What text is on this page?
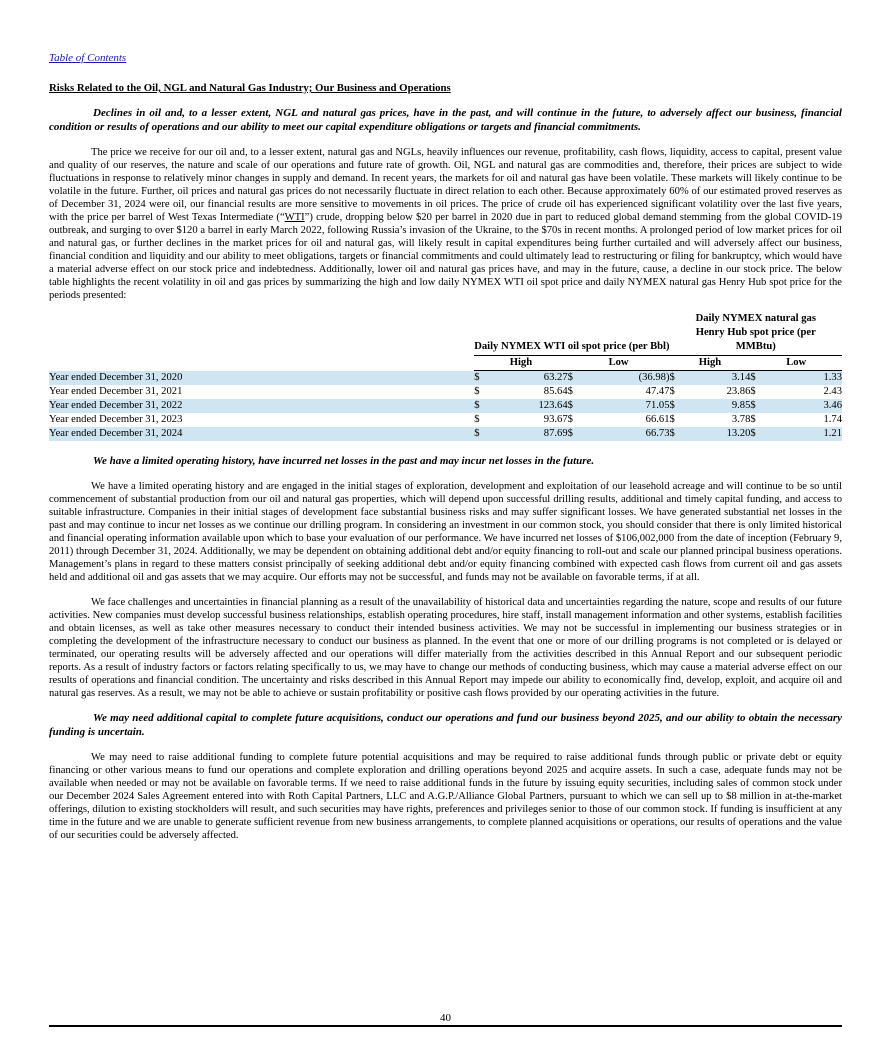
Table of Contents
Risks Related to the Oil, NGL and Natural Gas Industry; Our Business and Operations
Declines in oil and, to a lesser extent, NGL and natural gas prices, have in the past, and will continue in the future, to adversely affect our business, financial condition or results of operations and our ability to meet our capital expenditure obligations or targets and financial commitments.
The price we receive for our oil and, to a lesser extent, natural gas and NGLs, heavily influences our revenue, profitability, cash flows, liquidity, access to capital, present value and quality of our reserves, the nature and scale of our operations and future rate of growth. Oil, NGL and natural gas are commodities and, therefore, their prices are subject to wide fluctuations in response to relatively minor changes in supply and demand. In recent years, the markets for oil and natural gas have been volatile. These markets will likely continue to be volatile in the future. Further, oil prices and natural gas prices do not necessarily fluctuate in direct relation to each other. Because approximately 60% of our estimated proved reserves as of December 31, 2024 were oil, our financial results are more sensitive to movements in oil prices. The price of crude oil has experienced significant volatility over the last five years, with the price per barrel of West Texas Intermediate (“WTI”) crude, dropping below $20 per barrel in 2020 due in part to reduced global demand stemming from the global COVID-19 outbreak, and surging to over $120 a barrel in early March 2022, following Russia’s invasion of the Ukraine, to the $70s in recent months. A prolonged period of low market prices for oil and natural gas, or further declines in the market prices for oil and natural gas, will likely result in capital expenditures being further curtailed and will adversely affect our business, financial condition and liquidity and our ability to meet obligations, targets or financial commitments and could ultimately lead to restructuring or filing for bankruptcy, which would have a material adverse effect on our stock price and indebtedness. Additionally, lower oil and natural gas prices have, and may in the future, cause, a decline in our stock price. The below table highlights the recent volatility in oil and gas prices by summarizing the high and low daily NYMEX WTI oil spot price and daily NYMEX natural gas Henry Hub spot price for the periods presented:
	Daily NYMEX WTI oil spot price (per Bbl)				Daily NYMEX natural gas Henry Hub spot price (per MMBtu)			
	High		Low		High		Low	
Year ended December 31, 2020	$	63.27	$	(36.98)	$	3.14	$	1.33
Year ended December 31, 2021	$	85.64	$	47.47	$	23.86	$	2.43
Year ended December 31, 2022	$	123.64	$	71.05	$	9.85	$	3.46
Year ended December 31, 2023	$	93.67	$	66.61	$	3.78	$	1.74
Year ended December 31, 2024	$	87.69	$	66.73	$	13.20	$	1.21
We have a limited operating history, have incurred net losses in the past and may incur net losses in the future.
We have a limited operating history and are engaged in the initial stages of exploration, development and exploitation of our leasehold acreage and will continue to be so until commencement of substantial production from our oil and natural gas properties, which will depend upon successful drilling results, additional and timely capital funding, and access to suitable infrastructure. Companies in their initial stages of development face substantial business risks and may suffer significant losses. We have generated substantial net losses in the past and may continue to incur net losses as we continue our drilling program. In considering an investment in our common stock, you should consider that there is only limited historical and financial operating information available upon which to base your evaluation of our performance. We have incurred net losses of $106,002,000 from the date of inception (February 9, 2011) through December 31, 2024. Additionally, we may be dependent on obtaining additional debt and/or equity financing to roll-out and scale our planned principal business operations. Management’s plans in regard to these matters consist principally of seeking additional debt and/or equity financing combined with expected cash flows from current oil and gas assets held and additional oil and gas assets that we may acquire. Our efforts may not be successful, and funds may not be available on favorable terms, if at all.
We face challenges and uncertainties in financial planning as a result of the unavailability of historical data and uncertainties regarding the nature, scope and results of our future activities. New companies must develop successful business relationships, establish operating procedures, hire staff, install management information and other systems, establish facilities and obtain licenses, as well as take other measures necessary to conduct their intended business activities. We may not be successful in implementing our business strategies or in completing the development of the infrastructure necessary to conduct our business as planned. In the event that one or more of our drilling programs is not completed or is delayed or terminated, our operating results will be adversely affected and our operations will differ materially from the activities described in this Annual Report and our subsequent periodic reports. As a result of industry factors or factors relating specifically to us, we may have to change our methods of conducting business, which may cause a material adverse effect on our results of operations and financial condition. The uncertainty and risks described in this Annual Report may impede our ability to economically find, develop, exploit, and acquire oil and natural gas reserves. As a result, we may not be able to achieve or sustain profitability or positive cash flows provided by our operating activities in the future.
We may need additional capital to complete future acquisitions, conduct our operations and fund our business beyond 2025, and our ability to obtain the necessary funding is uncertain.
We may need to raise additional funding to complete future potential acquisitions and may be required to raise additional funds through public or private debt or equity financing or other various means to fund our operations and complete exploration and drilling operations beyond 2025 and acquire assets. In such a case, adequate funds may not be available when needed or may not be available on favorable terms. If we need to raise additional funds in the future by issuing equity securities, including sales of common stock under our December 2024 Sales Agreement entered into with Roth Capital Partners, LLC and A.G.P./Alliance Global Partners, pursuant to which we can sell up to $8 million in at-the-market offerings, dilution to existing stockholders will result, and such securities may have rights, preferences and privileges senior to those of our common stock. If funding is insufficient at any time in the future and we are unable to generate sufficient revenue from new business arrangements, to complete planned acquisitions or operations, our results of operations and the value of our securities could be adversely affected.
40
